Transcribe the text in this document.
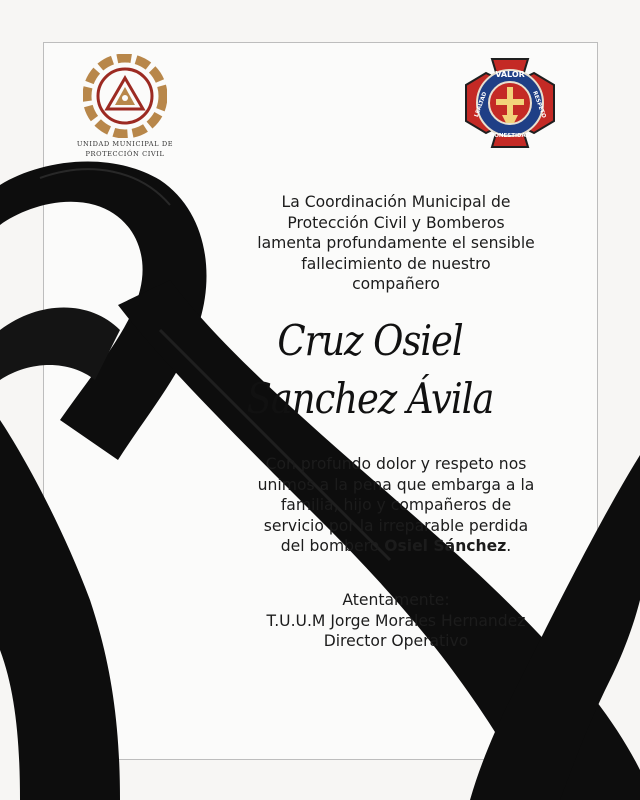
UNIDAD MUNICIPAL DE
PROTECCIÓN CIVIL
VALOR
HONESTIDAD
LEALTAD	RESPETO
La Coordinación Municipal de
Protección Civil y Bomberos
lamenta profundamente el sensible
fallecimiento de nuestro
compañero
Cruz Osiel
Sanchez Ávila
Con profundo dolor y respeto nos
unimos a la pena que embarga a la
familia, hijo y compañeros de
servicio por la irreparable perdida
del bombero Osiel Sánchez.
Atentamente:
T.U.U.M Jorge Morales Hernandez
Director Operativo
